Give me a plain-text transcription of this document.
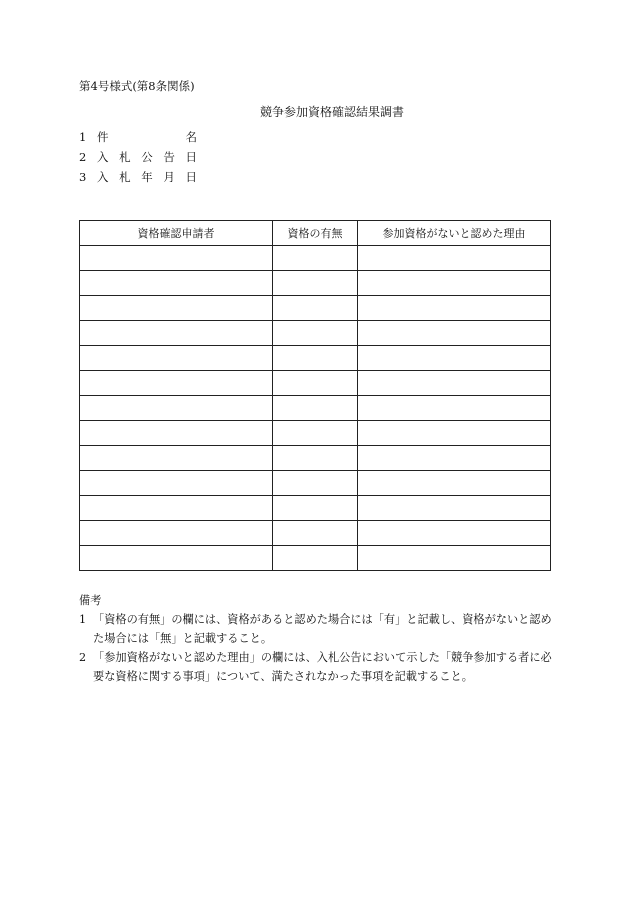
第4号様式(第8条関係)
競争参加資格確認結果調書
1 件	名
2 入 札 公 告 日
3 入 札 年 月 日
資格確認申請者	資格の有無	参加資格がないと認めた理由

備考
1 「資格の有無」の欄には、資格があると認めた場合には「有」と記載し、資格がないと認めた場合には「無」と記載すること。
2 「参加資格がないと認めた理由」の欄には、入札公告において示した「競争参加する者に必要な資格に関する事項」について、満たされなかった事項を記載すること。
